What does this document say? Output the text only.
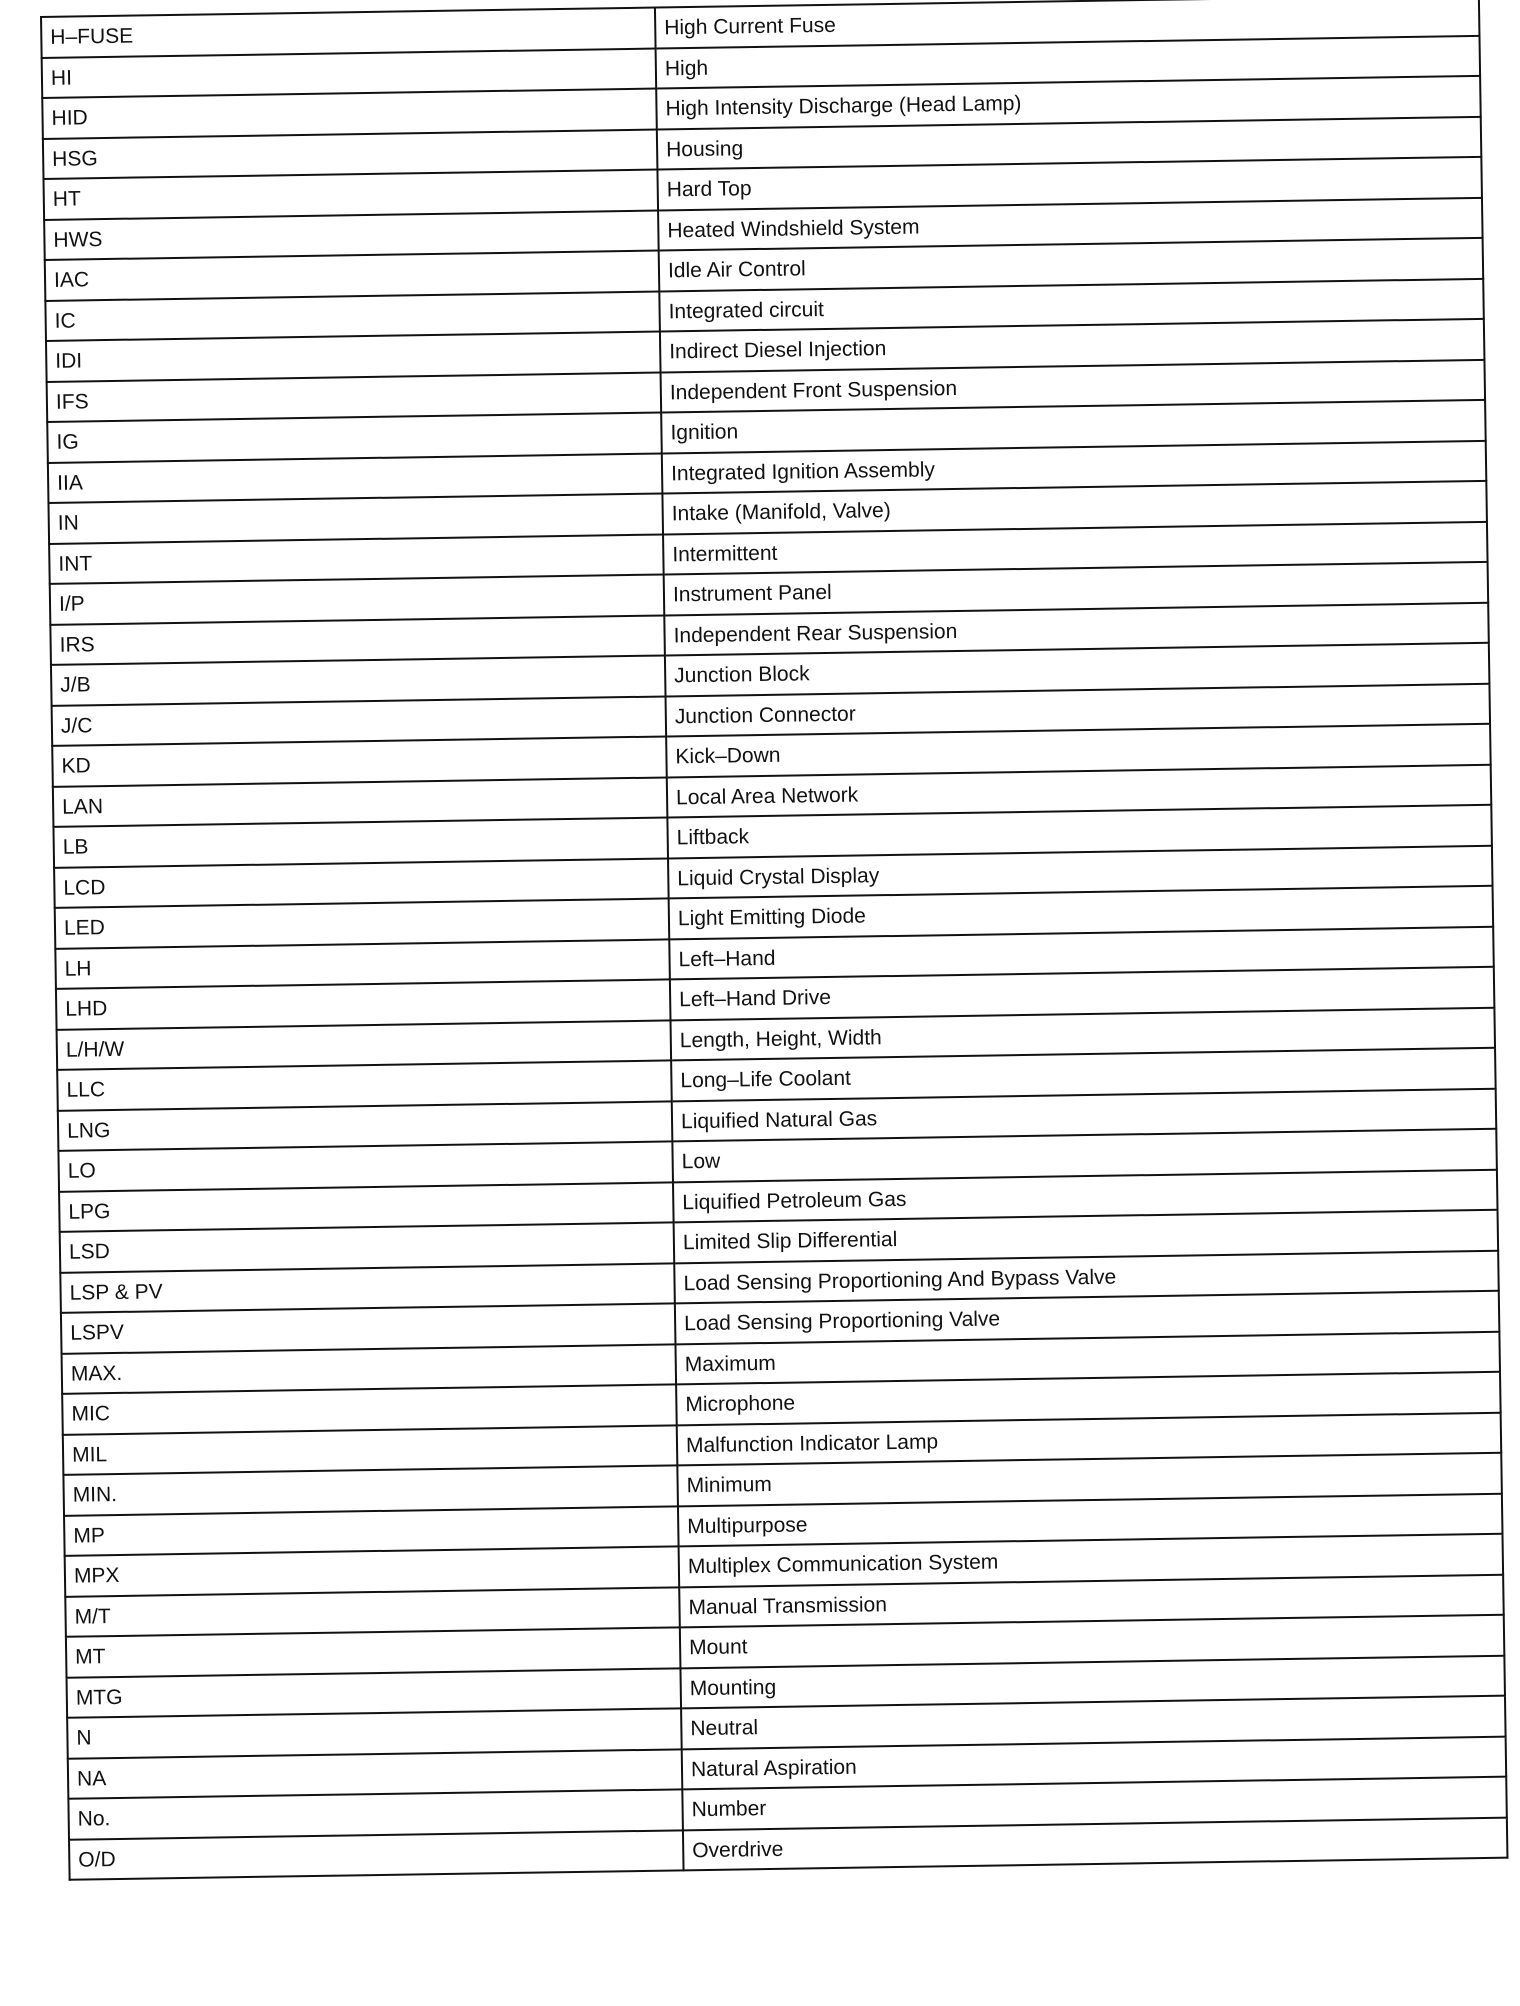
H–FUSE	High Current Fuse
HI	High
HID	High Intensity Discharge (Head Lamp)
HSG	Housing
HT	Hard Top
HWS	Heated Windshield System
IAC	Idle Air Control
IC	Integrated circuit
IDI	Indirect Diesel Injection
IFS	Independent Front Suspension
IG	Ignition
IIA	Integrated Ignition Assembly
IN	Intake (Manifold, Valve)
INT	Intermittent
I/P	Instrument Panel
IRS	Independent Rear Suspension
J/B	Junction Block
J/C	Junction Connector
KD	Kick–Down
LAN	Local Area Network
LB	Liftback
LCD	Liquid Crystal Display
LED	Light Emitting Diode
LH	Left–Hand
LHD	Left–Hand Drive
L/H/W	Length, Height, Width
LLC	Long–Life Coolant
LNG	Liquified Natural Gas
LO	Low
LPG	Liquified Petroleum Gas
LSD	Limited Slip Differential
LSP & PV	Load Sensing Proportioning And Bypass Valve
LSPV	Load Sensing Proportioning Valve
MAX.	Maximum
MIC	Microphone
MIL	Malfunction Indicator Lamp
MIN.	Minimum
MP	Multipurpose
MPX	Multiplex Communication System
M/T	Manual Transmission
MT	Mount
MTG	Mounting
N	Neutral
NA	Natural Aspiration
No.	Number
O/D	Overdrive
